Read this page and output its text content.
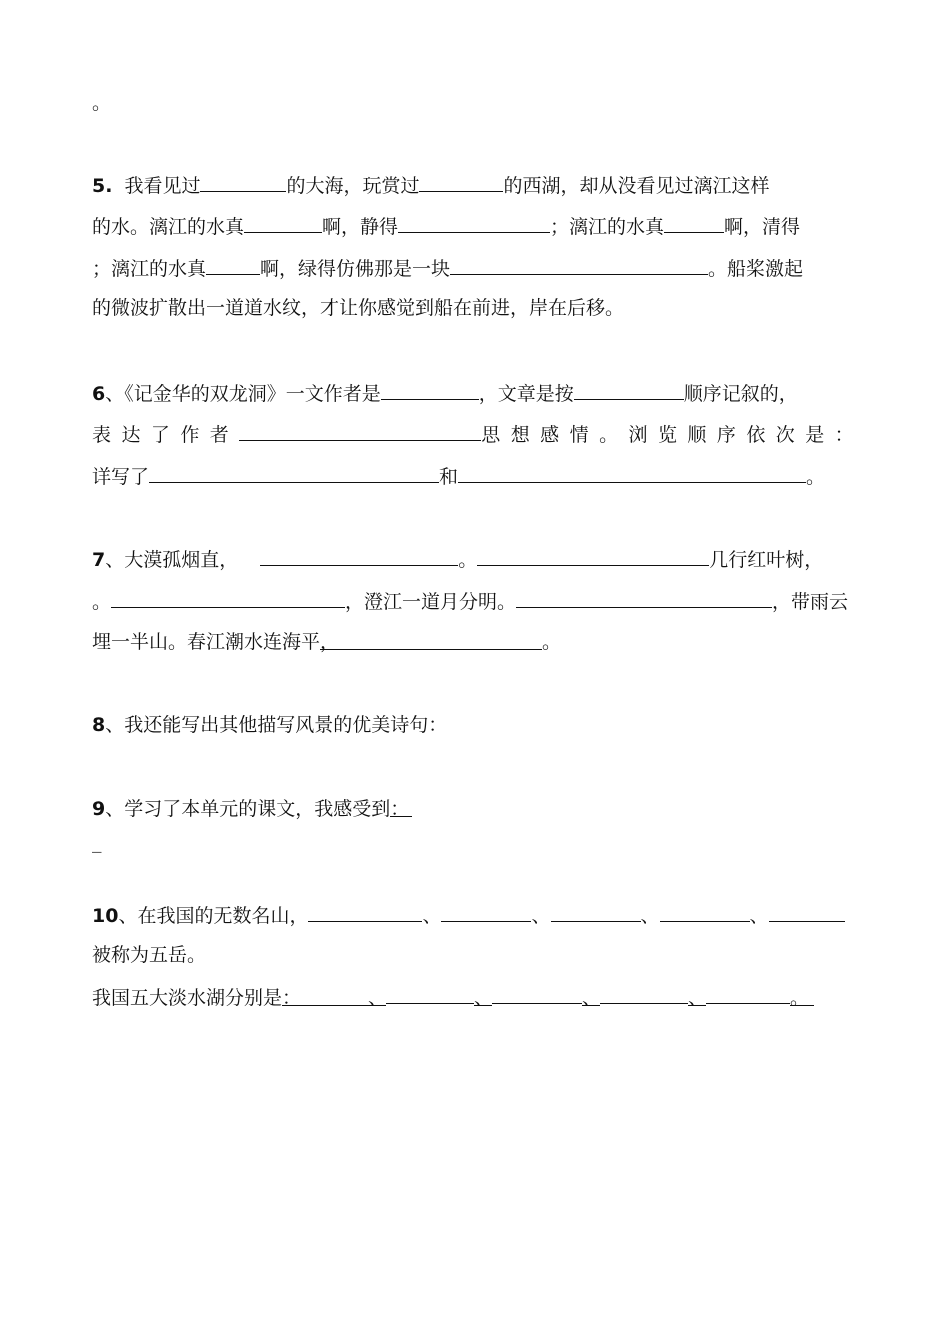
。
5. 我看见过	的大海，玩赏过	的西湖，却从没看见过漓江这样
的水。漓江的水真	啊，静得	；漓江的水真	啊，清得
；漓江的水真	啊，绿得仿佛那是一块	。船桨激起
的微波扩散出一道道水纹，才让你感觉到船在前进，岸在后移。
6、《记金华的双龙洞》一文作者是	，文章是按	顺序记叙的，
表达了作者	思想感情。浏览顺序依次是：
详写了	和	。
7、大漠孤烟直，	。	几行红叶树，
。	，澄江一道月分明。	，带雨云
埋一半山。春江潮水连海平，	。
8、我还能写出其他描写风景的优美诗句：
9、学习了本单元的课文，我感受到：
_
10、在我国的无数名山，	、	、	、	、
被称为五岳。
我国五大淡水湖分别是：	、	、	、	、	。
